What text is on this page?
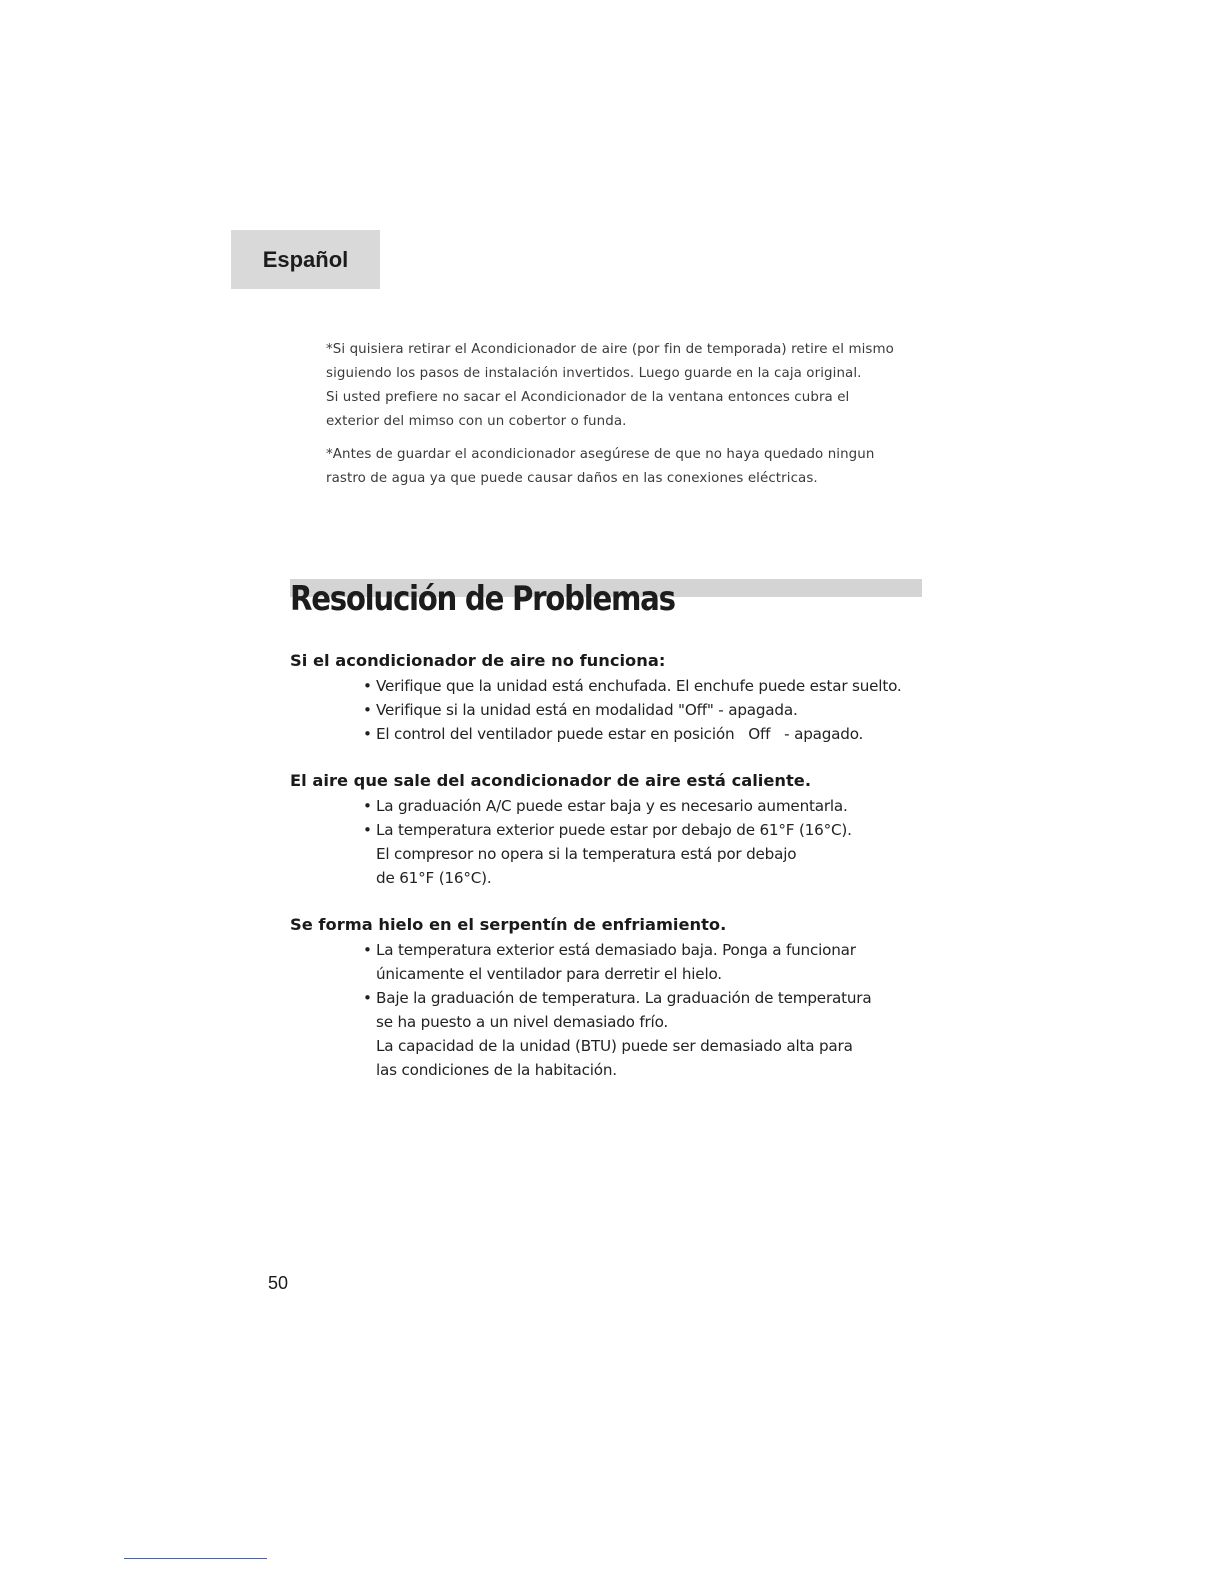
Español

*Si quisiera retirar el Acondicionador de aire (por fin de temporada) retire el mismo
siguiendo los pasos de instalación invertidos. Luego guarde en la caja original.
Si usted prefiere no sacar el Acondicionador de la ventana entonces cubra el
exterior del mimso con un cobertor o funda.

*Antes de guardar el acondicionador asegúrese de que no haya quedado ningun
rastro de agua ya que puede causar daños en las conexiones eléctricas.

Resolución de Problemas
Si el acondicionador de aire no funciona:
• Verifique que la unidad está enchufada. El enchufe puede estar suelto.
• Verifique si la unidad está en modalidad "Off" - apagada.
• El control del ventilador puede estar en posición   Off   - apagado.
El aire que sale del acondicionador de aire está caliente.
• La graduación A/C puede estar baja y es necesario aumentarla.
• La temperatura exterior puede estar por debajo de 61°F (16°C).
El compresor no opera si la temperatura está por debajo
de 61°F (16°C).
Se forma hielo en el serpentín de enfriamiento.
• La temperatura exterior está demasiado baja. Ponga a funcionar
únicamente el ventilador para derretir el hielo.
• Baje la graduación de temperatura. La graduación de temperatura
se ha puesto a un nivel demasiado frío.
La capacidad de la unidad (BTU) puede ser demasiado alta para
las condiciones de la habitación.
50
